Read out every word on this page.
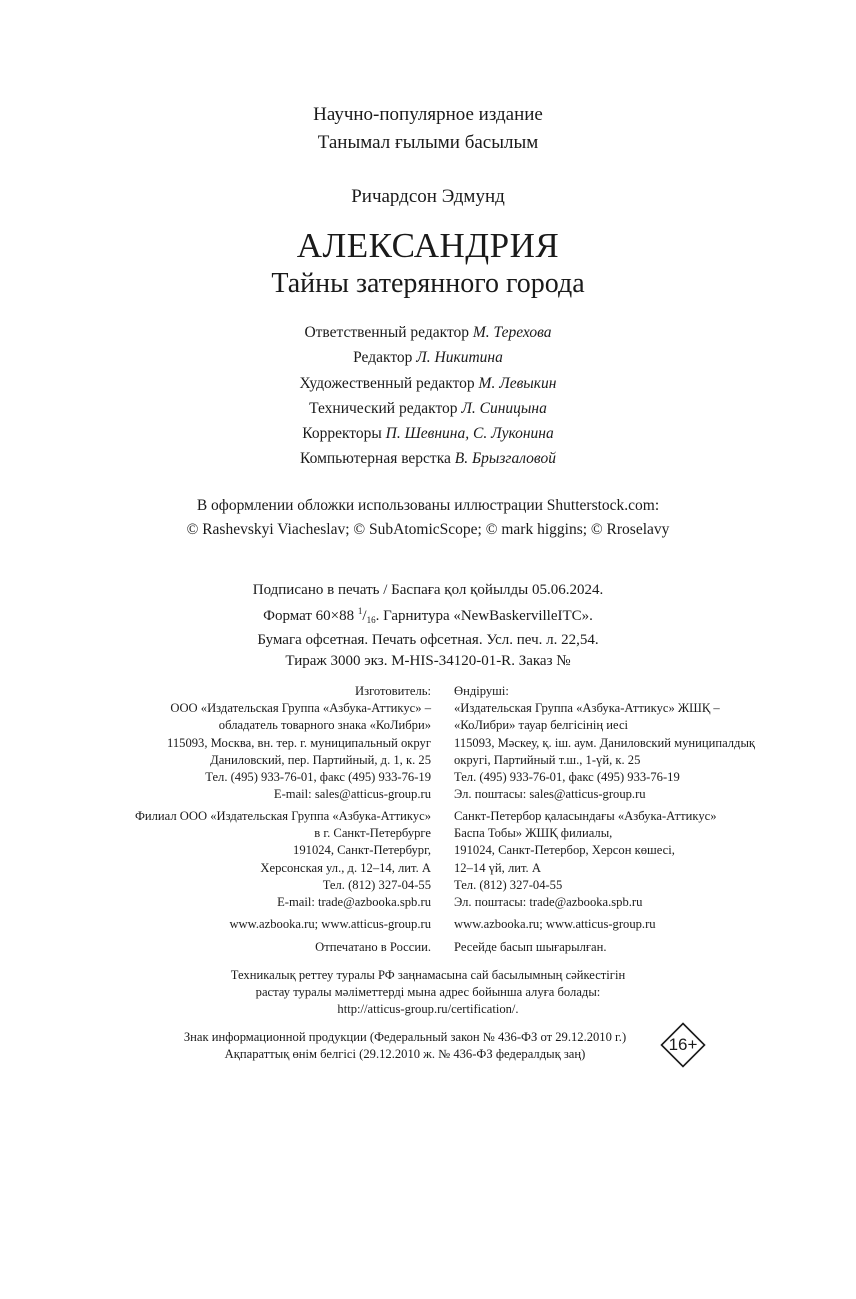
Научно-популярное издание
Танымал ғылыми басылым
Ричардсон Эдмунд
АЛЕКСАНДРИЯ
Тайны затерянного города
Ответственный редактор М. Терехова
Редактор Л. Никитина
Художественный редактор М. Левыкин
Технический редактор Л. Синицына
Корректоры П. Шевнина, С. Луконина
Компьютерная верстка В. Брызгаловой
В оформлении обложки использованы иллюстрации Shutterstock.com:
© Rashevskyi Viacheslav; © SubAtomicScope; © mark higgins; © Rroselavy
Подписано в печать / Баспаға қол қойылды 05.06.2024.
Формат 60×88 $^1/_{16}$. Гарнитура «NewBaskervilleITC».
Бумага офсетная. Печать офсетная. Усл. печ. л. 22,54.
Тираж 3000 экз. M-HIS-34120-01-R. Заказ №
Изготовитель:
ООО «Издательская Группа «Азбука-Аттикус» –
обладатель товарного знака «КоЛибри»
115093, Москва, вн. тер. г. муниципальный округ
Даниловский, пер. Партийный, д. 1, к. 25
Тел. (495) 933-76-01, факс (495) 933-76-19
E-mail: sales@atticus-group.ru
Өндіруші:
«Издательская Группа «Азбука-Аттикус» ЖШҚ –
«КоЛибри» тауар белгісінің иесі
115093, Мәскеу, қ. іш. аум. Даниловский муниципалдық
округі, Партийный т.ш., 1-үй, к. 25
Тел. (495) 933-76-01, факс (495) 933-76-19
Эл. поштасы: sales@atticus-group.ru
Филиал ООО «Издательская Группа «Азбука-Аттикус»
в г. Санкт-Петербурге
191024, Санкт-Петербург,
Херсонская ул., д. 12–14, лит. А
Тел. (812) 327-04-55
E-mail: trade@azbooka.spb.ru
Санкт-Петербор қаласындағы «Азбука-Аттикус»
Баспа Тобы» ЖШҚ филиалы,
191024, Санкт-Петербор, Херсон көшесі,
12–14 үй, лит. А
Тел. (812) 327-04-55
Эл. поштасы: trade@azbooka.spb.ru
www.azbooka.ru; www.atticus-group.ru www.azbooka.ru; www.atticus-group.ru
Отпечатано в России. Ресейде басып шығарылған.
Техникалық реттеу туралы РФ заңнамасына сай басылымның сәйкестігін
растау туралы мәліметтерді мына адрес бойынша алуға болады:
http://atticus-group.ru/certification/.
Знак информационной продукции (Федеральный закон № 436-ФЗ от 29.12.2010 г.)
Ақпараттық өнім белгісі (29.12.2010 ж. № 436-ФЗ федералдық заң)
16+
